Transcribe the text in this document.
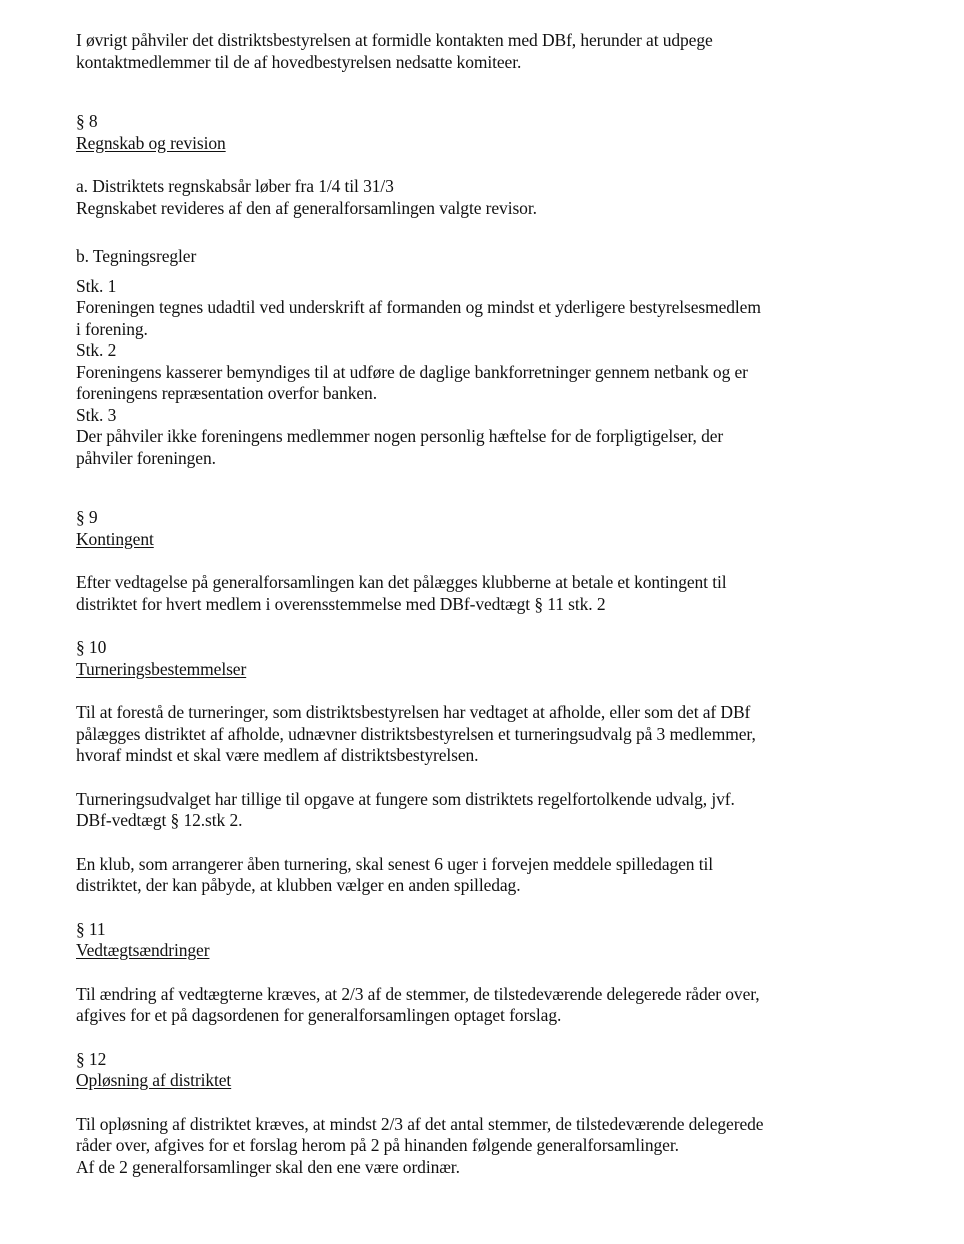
I øvrigt påhviler det distriktsbestyrelsen at formidle kontakten med DBf, herunder at udpege
kontaktmedlemmer til de af hovedbestyrelsen nedsatte komiteer.
§ 8
Regnskab og revision
a. Distriktets regnskabsår løber fra 1/4 til 31/3
Regnskabet revideres af den af generalforsamlingen valgte revisor.
b. Tegningsregler
Stk. 1
Foreningen tegnes udadtil ved underskrift af formanden og mindst et yderligere bestyrelsesmedlem
i forening.
Stk. 2
Foreningens kasserer bemyndiges til at udføre de daglige bankforretninger gennem netbank og er
foreningens repræsentation overfor banken.
Stk. 3
Der påhviler ikke foreningens medlemmer nogen personlig hæftelse for de forpligtigelser, der
påhviler foreningen.
§ 9
Kontingent
Efter vedtagelse på generalforsamlingen kan det pålægges klubberne at betale et kontingent til
distriktet for hvert medlem i overensstemmelse med DBf-vedtægt § 11 stk. 2
§ 10
Turneringsbestemmelser
Til at forestå de turneringer, som distriktsbestyrelsen har vedtaget at afholde, eller som det af DBf
pålægges distriktet af afholde, udnævner distriktsbestyrelsen et turneringsudvalg på 3 medlemmer,
hvoraf mindst et skal være medlem af distriktsbestyrelsen.
Turneringsudvalget har tillige til opgave at fungere som distriktets regelfortolkende udvalg, jvf.
DBf-vedtægt § 12.stk 2.
En klub, som arrangerer åben turnering, skal senest 6 uger i forvejen meddele spilledagen til
distriktet, der kan påbyde, at klubben vælger en anden spilledag.
§ 11
Vedtægtsændringer
Til ændring af vedtægterne kræves, at 2/3 af de stemmer, de tilstedeværende delegerede råder over,
afgives for et på dagsordenen for generalforsamlingen optaget forslag.
§ 12
Opløsning af distriktet
Til opløsning af distriktet kræves, at mindst 2/3 af det antal stemmer, de tilstedeværende delegerede
råder over, afgives for et forslag herom på 2 på hinanden følgende generalforsamlinger.
Af de 2 generalforsamlinger skal den ene være ordinær.
